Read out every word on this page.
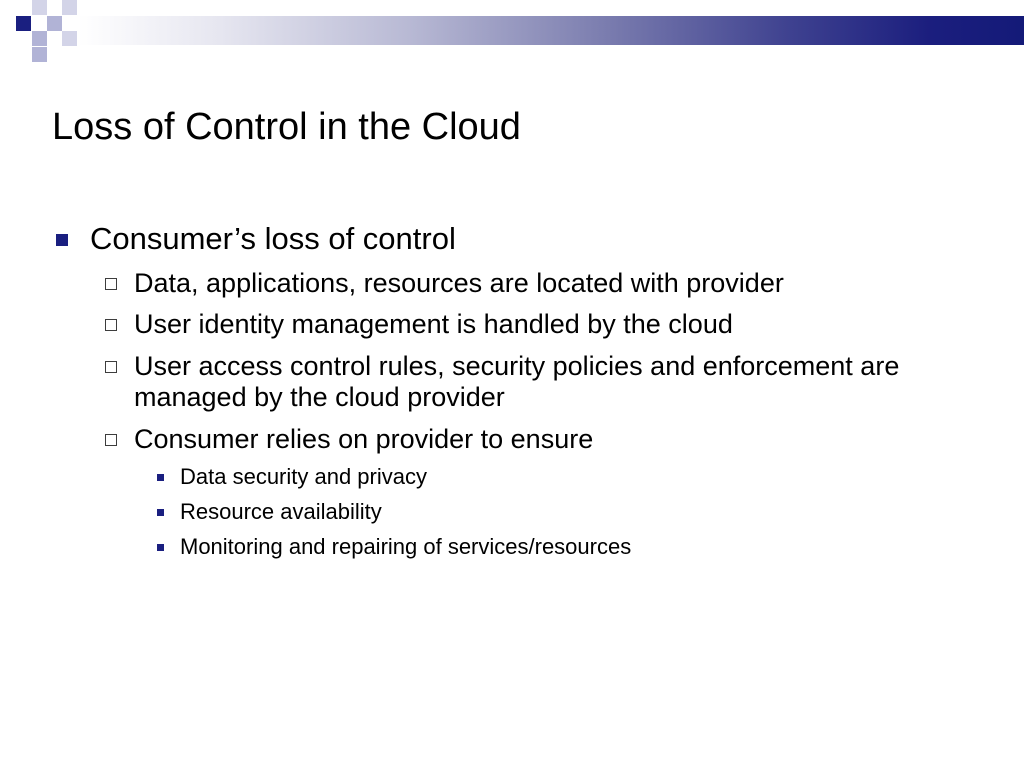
Loss of Control in the Cloud
Consumer’s loss of control
Data, applications, resources are located with provider
User identity management is handled by the cloud
User access control rules, security policies and enforcement are managed by the cloud provider
Consumer relies on provider to ensure
Data security and privacy
Resource availability
Monitoring and repairing of services/resources
